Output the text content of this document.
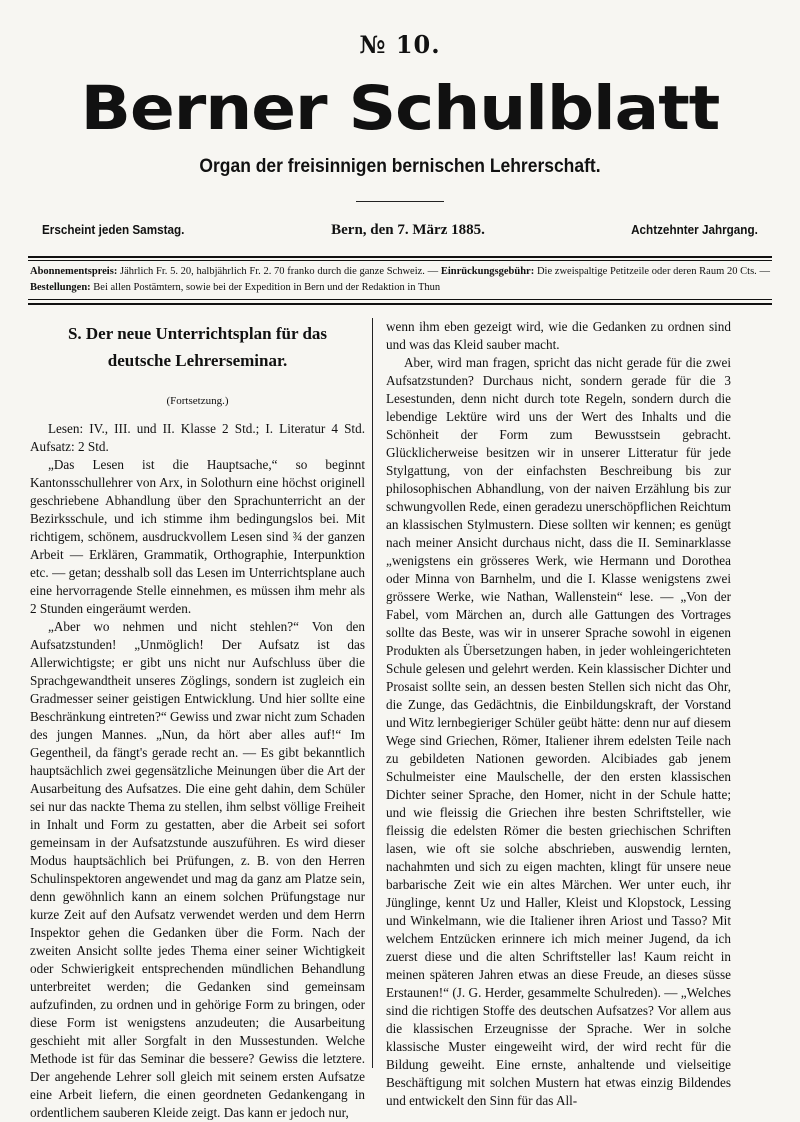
№ 10.
Berner Schulblatt
Organ der freisinnigen bernischen Lehrerschaft.
Erscheint jeden Samstag.	Bern, den 7. März 1885.	Achtzehnter Jahrgang.
Abonnementspreis: Jährlich Fr. 5. 20, halbjährlich Fr. 2. 70 franko durch die ganze Schweiz. — Einrückungsgebühr: Die zweispaltige Petitzeile oder deren Raum 20 Cts. — Bestellungen: Bei allen Postämtern, sowie bei der Expedition in Bern und der Redaktion in Thun
S. Der neue Unterrichtsplan für das
deutsche Lehrerseminar.
(Fortsetzung.)

Lesen: IV., III. und II. Klasse 2 Std.; I. Literatur 4 Std. Aufsatz: 2 Std.

„Das Lesen ist die Hauptsache,“ so beginnt Kantonsschullehrer von Arx, in Solothurn eine höchst originell geschriebene Abhandlung über den Sprachunterricht an der Bezirksschule, und ich stimme ihm bedingungslos bei. Mit richtigem, schönem, ausdruckvollem Lesen sind ¾ der ganzen Arbeit — Erklären, Grammatik, Orthographie, Interpunktion etc. — getan; desshalb soll das Lesen im Unterrichtsplane auch eine hervorragende Stelle einnehmen, es müssen ihm mehr als 2 Stunden eingeräumt werden.

„Aber wo nehmen und nicht stehlen?“ Von den Aufsatzstunden! „Unmöglich! Der Aufsatz ist das Allerwichtigste; er gibt uns nicht nur Aufschluss über die Sprachgewandtheit unseres Zöglings, sondern ist zugleich ein Gradmesser seiner geistigen Entwicklung. Und hier sollte eine Beschränkung eintreten?“ Gewiss und zwar nicht zum Schaden des jungen Mannes. „Nun, da hört aber alles auf!“ Im Gegentheil, da fängt's gerade recht an. — Es gibt bekanntlich hauptsächlich zwei gegensätzliche Meinungen über die Art der Ausarbeitung des Aufsatzes. Die eine geht dahin, dem Schüler sei nur das nackte Thema zu stellen, ihm selbst völlige Freiheit in Inhalt und Form zu gestatten, aber die Arbeit sei sofort gemeinsam in der Aufsatzstunde auszuführen. Es wird dieser Modus hauptsächlich bei Prüfungen, z. B. von den Herren Schulinspektoren angewendet und mag da ganz am Platze sein, denn gewöhnlich kann an einem solchen Prüfungstage nur kurze Zeit auf den Aufsatz verwendet werden und dem Herrn Inspektor gehen die Gedanken über die Form. Nach der zweiten Ansicht sollte jedes Thema einer seiner Wichtigkeit oder Schwierigkeit entsprechenden mündlichen Behandlung unterbreitet werden; die Gedanken sind gemeinsam aufzufinden, zu ordnen und in gehörige Form zu bringen, oder diese Form ist wenigstens anzudeuten; die Ausarbeitung geschieht mit aller Sorgfalt in den Mussestunden. Welche Methode ist für das Seminar die bessere? Gewiss die letztere. Der angehende Lehrer soll gleich mit seinem ersten Aufsatze eine Arbeit liefern, die einen geordneten Gedankengang in ordentlichem sauberen Kleide zeigt. Das kann er jedoch nur,

wenn ihm eben gezeigt wird, wie die Gedanken zu ordnen sind und was das Kleid sauber macht.

Aber, wird man fragen, spricht das nicht gerade für die zwei Aufsatzstunden? Durchaus nicht, sondern gerade für die 3 Lesestunden, denn nicht durch tote Regeln, sondern durch die lebendige Lektüre wird uns der Wert des Inhalts und die Schönheit der Form zum Bewusstsein gebracht. Glücklicherweise besitzen wir in unserer Litteratur für jede Stylgattung, von der einfachsten Beschreibung bis zur philosophischen Abhandlung, von der naiven Erzählung bis zur schwungvollen Rede, einen geradezu unerschöpflichen Reichtum an klassischen Stylmustern. Diese sollten wir kennen; es genügt nach meiner Ansicht durchaus nicht, dass die II. Seminarklasse „wenigstens ein grösseres Werk, wie Hermann und Dorothea oder Minna von Barnhelm, und die I. Klasse wenigstens zwei grössere Werke, wie Nathan, Wallenstein“ lese. — „Von der Fabel, vom Märchen an, durch alle Gattungen des Vortrages sollte das Beste, was wir in unserer Sprache sowohl in eigenen Produkten als Übersetzungen haben, in jeder wohleingerichteten Schule gelesen und gelehrt werden. Kein klassischer Dichter und Prosaist sollte sein, an dessen besten Stellen sich nicht das Ohr, die Zunge, das Gedächtnis, die Einbildungskraft, der Vorstand und Witz lernbegieriger Schüler geübt hätte: denn nur auf diesem Wege sind Griechen, Römer, Italiener ihrem edelsten Teile nach zu gebildeten Nationen geworden. Alcibiades gab jenem Schulmeister eine Maulschelle, der den ersten klassischen Dichter seiner Sprache, den Homer, nicht in der Schule hatte; und wie fleissig die Griechen ihre besten Schriftsteller, wie fleissig die edelsten Römer die besten griechischen Schriften lasen, wie oft sie solche abschrieben, auswendig lernten, nachahmten und sich zu eigen machten, klingt für unsere neue barbarische Zeit wie ein altes Märchen. Wer unter euch, ihr Jünglinge, kennt Uz und Haller, Kleist und Klopstock, Lessing und Winkelmann, wie die Italiener ihren Ariost und Tasso? Mit welchem Entzücken erinnere ich mich meiner Jugend, da ich zuerst diese und die alten Schriftsteller las! Kaum reicht in meinen späteren Jahren etwas an diese Freude, an dieses süsse Erstaunen!“ (J. G. Herder, gesammelte Schulreden). — „Welches sind die richtigen Stoffe des deutschen Aufsatzes? Vor allem aus die klassischen Erzeugnisse der Sprache. Wer in solche klassische Muster eingeweiht wird, der wird recht für die Bildung geweiht. Eine ernste, anhaltende und vielseitige Beschäftigung mit solchen Mustern hat etwas einzig Bildendes und entwickelt den Sinn für das All-
